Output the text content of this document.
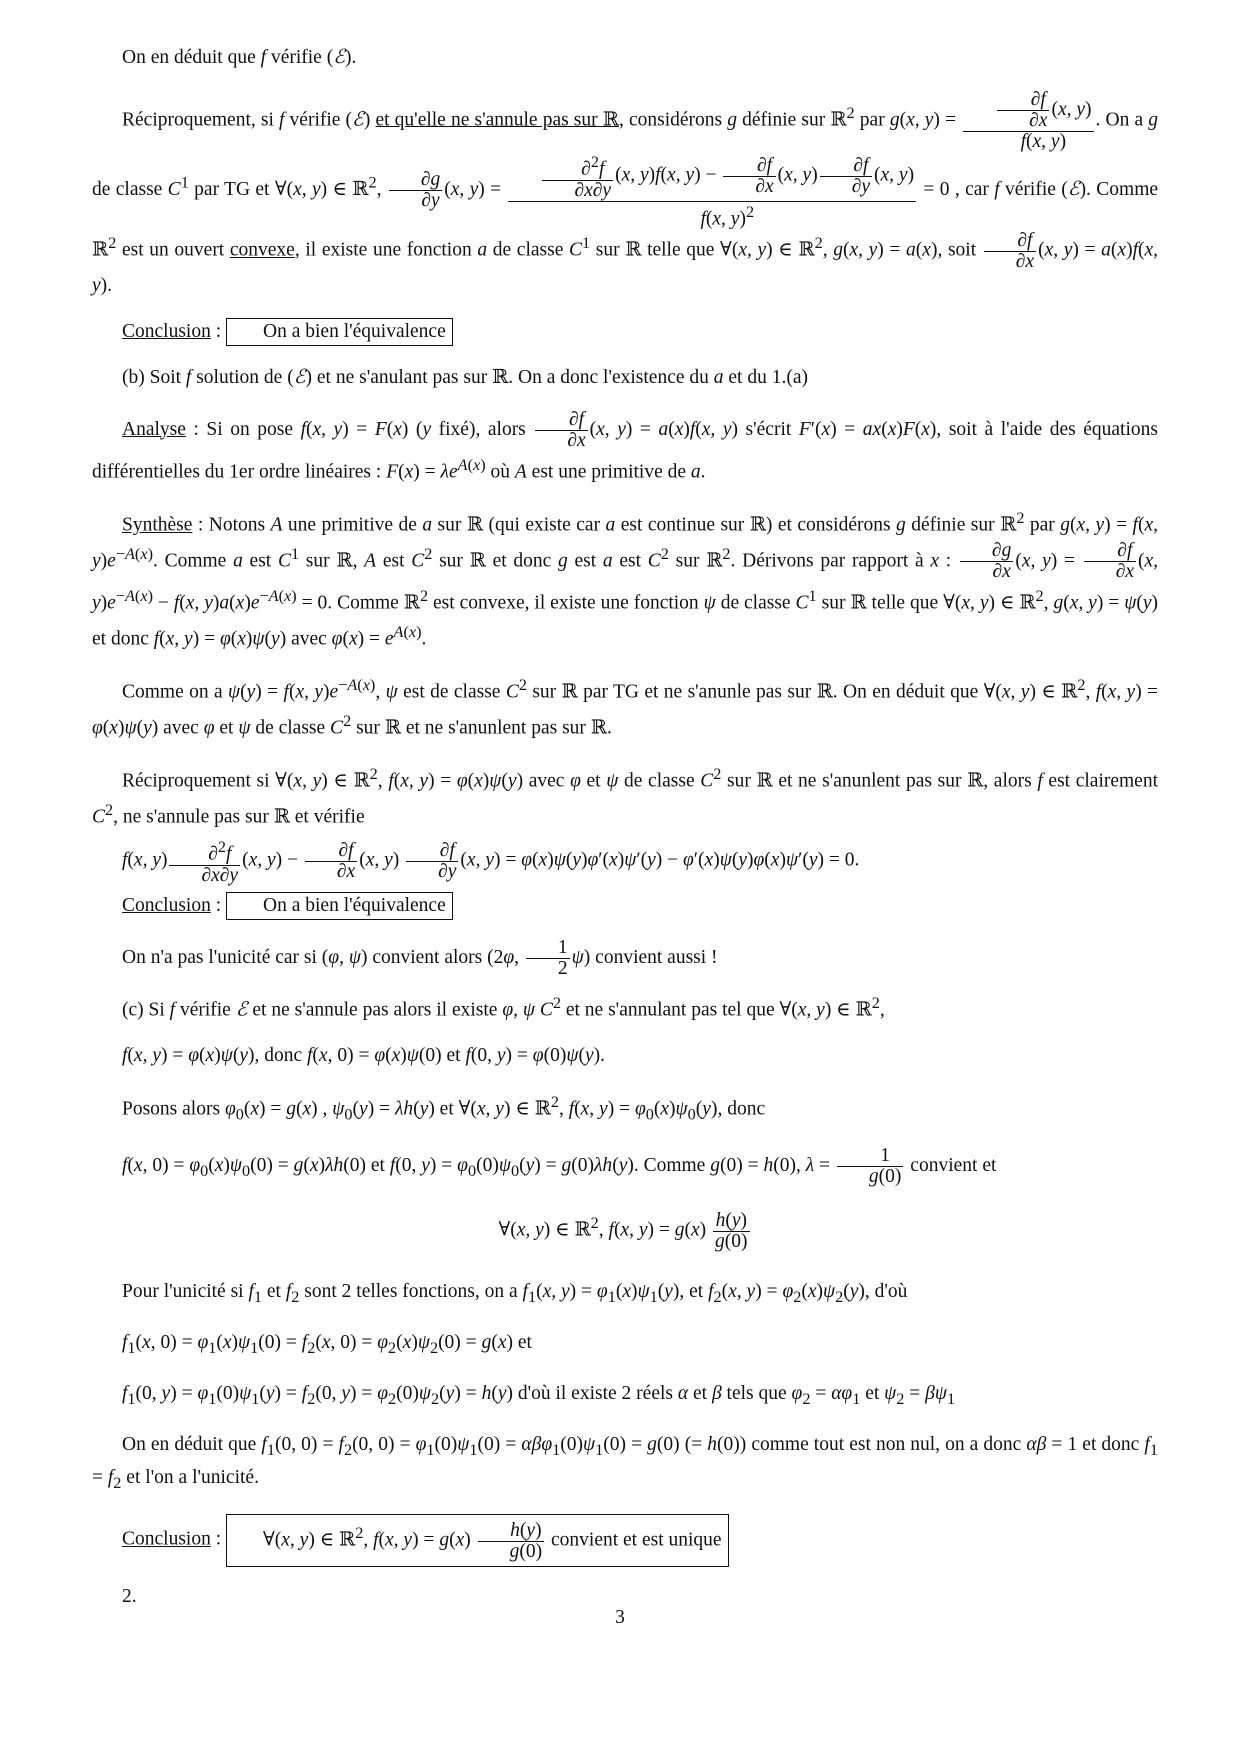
On en déduit que f vérifie (ℰ).

Réciproquement, si f vérifie (ℰ) et qu'elle ne s'annule pas sur ℝ, considérons g définie sur ℝ$^2$ par g(x, $y) = \frac{\frac{\partial f}{\partial x} (x, y)}{f(x, y)}$ . On a g de classe $C^1$ par TG et ∀(x, y) ∈ ℝ$^2$, $\frac{\partial g}{\partial y} (x$, $y) = \frac{\frac{\partial^2f}{\partial x\partial y} (x, y)f(x, y) - \frac{\partial f}{\partial x} (x, y) \frac{\partial f}{\partial y} (x, y)}{f(x, y)^2} = 0$ , car f vérifie (ℰ). Comme ℝ$^2$ est un ouvert convexe, il existe une fonction a de classe $C^1$ sur ℝ telle que ∀(x, y) ∈ ℝ$^2$, g(x, y) = a(x), soit $\frac{\partial f}{\partial x} (x$, y) = a(x)f(x, y).

Conclusion : On a bien l'équivalence

(b) Soit f solution de (ℰ) et ne s'anulant pas sur ℝ. On a donc l'existence du a et du 1.(a)

Analyse : Si on pose f(x, y) = F(x) (y fixé), alors $\frac{\partial f}{\partial x} (x$, y) = a(x)f(x, y) s'écrit F′(x) = ax(x)F(x), soit à l'aide des équations différentielles du 1er ordre linéaires : $F(x) = \lambda e^{A(x)}$ où A est une primitive de a.

Synthèse : Notons A une primitive de a sur ℝ (qui existe car a est continue sur ℝ) et considérons g définie sur ℝ$^2$ par g(x, y) = f(x, $y)e^{-A(x)}$. Comme a est $C^1$ sur ℝ, A est $C^2$ sur ℝ et donc g est a est $C^2$ sur ℝ$^2$. Dérivons par rapport à x : $\frac{\partial g}{\partial x} (x$, $y) = \frac{\partial f}{\partial x} (x$, $y)e^{-A(x)} - f(x$, $y)a(x)e^{-A(x)} = 0$. Comme ℝ$^2$ est convexe, il existe une fonction ψ de classe $C^1$ sur ℝ telle que ∀(x, y) ∈ ℝ$^2$, g(x, y) = ψ(y) et donc f(x, y) = φ(x)ψ(y) avec $\varphi(x) = e^{A(x)}$.

Comme on a ψ(y) = f(x, $y)e^{-A(x)}$, ψ est de classe $C^2$ sur ℝ par TG et ne s'anunle pas sur ℝ. On en déduit que ∀(x, y) ∈ ℝ$^2$, f(x, y) = φ(x)ψ(y) avec φ et ψ de classe $C^2$ sur ℝ et ne s'anunlent pas sur ℝ.

Réciproquement si ∀(x, y) ∈ ℝ$^2$, f(x, y) = φ(x)ψ(y) avec φ et ψ de classe $C^2$ sur ℝ et ne s'anunlent pas sur ℝ, alors f est clairement $C^2$, ne s'annule pas sur ℝ et vérifie

f(x, $y) \frac{\partial^2f}{\partial x\partial y} (x$, $y) - \frac{\partial f}{\partial x} (x$, $y) \frac{\partial f}{\partial y} (x$, y) = φ(x)ψ(y)φ′(x)ψ′(y) − φ′(x)ψ(y)φ(x)ψ′(y) = 0.

Conclusion : On a bien l'équivalence

On n'a pas l'unicité car si (φ, ψ) convient alors (2φ, $\frac{1}{2} \psi$) convient aussi !

(c) Si f vérifie ℰ et ne s'annule pas alors il existe φ, ψ $C^2$ et ne s'annulant pas tel que ∀(x, y) ∈ ℝ$^2$,

f(x, y) = φ(x)ψ(y), donc f(x, 0) = φ(x)ψ(0) et f(0, y) = φ(0)ψ(y).

Posons alors $\varphi_0(x) = g(x)$ , $\psi_0(y) = \lambda h(y)$ et ∀(x, y) ∈ ℝ$^2$, f(x, $y) = \varphi_0(x)\psi_0(y)$, donc

f(x, $0) = \varphi_0(x)\psi_0(0) = g(x)\lambda h(0)$ et f(0, $y) = \varphi_0(0)\psi_0(y) = g(0)\lambda h(y)$. Comme g(0) = h(0), $\lambda = \frac{1}{g(0)}$ convient et

∀(x, y) ∈ ℝ$^2$, f(x, $y) = g(x) \frac{h(y)}{g(0)}$

Pour l'unicité si $f_1$ et $f_2$ sont 2 telles fonctions, on a $f_1(x$, $y) = \varphi_1(x)\psi_1(y)$, et $f_2(x$, $y) = \varphi_2(x)\psi_2(y)$, d'où

$f_1(x$, $0) = \varphi_1(x)\psi_1(0) = f_2(x$, $0) = \varphi_2(x)\psi_2(0) = g(x)$ et

$f_1(0$, $y) = \varphi_1(0)\psi_1(y) = f_2(0$, $y) = \varphi_2(0)\psi_2(y) = h(y)$ d'où il existe 2 réels α et β tels que $\varphi_2 = \alpha\varphi_1$ et $\psi_2 = \beta\psi_1$

On en déduit que $f_1(0$, $0) = f_2(0$, $0) = \varphi_1(0)\psi_1(0) = \alpha\beta\varphi_1(0)\psi_1(0) = g(0)$ (= h(0)) comme tout est non nul, on a donc αβ = 1 et donc $f_1 = f_2$ et l'on a l'unicité.

Conclusion : ∀(x, y) ∈ ℝ$^2$, f(x, $y) = g(x) \frac{h(y)}{g(0)}$ convient et est unique

2.

3
